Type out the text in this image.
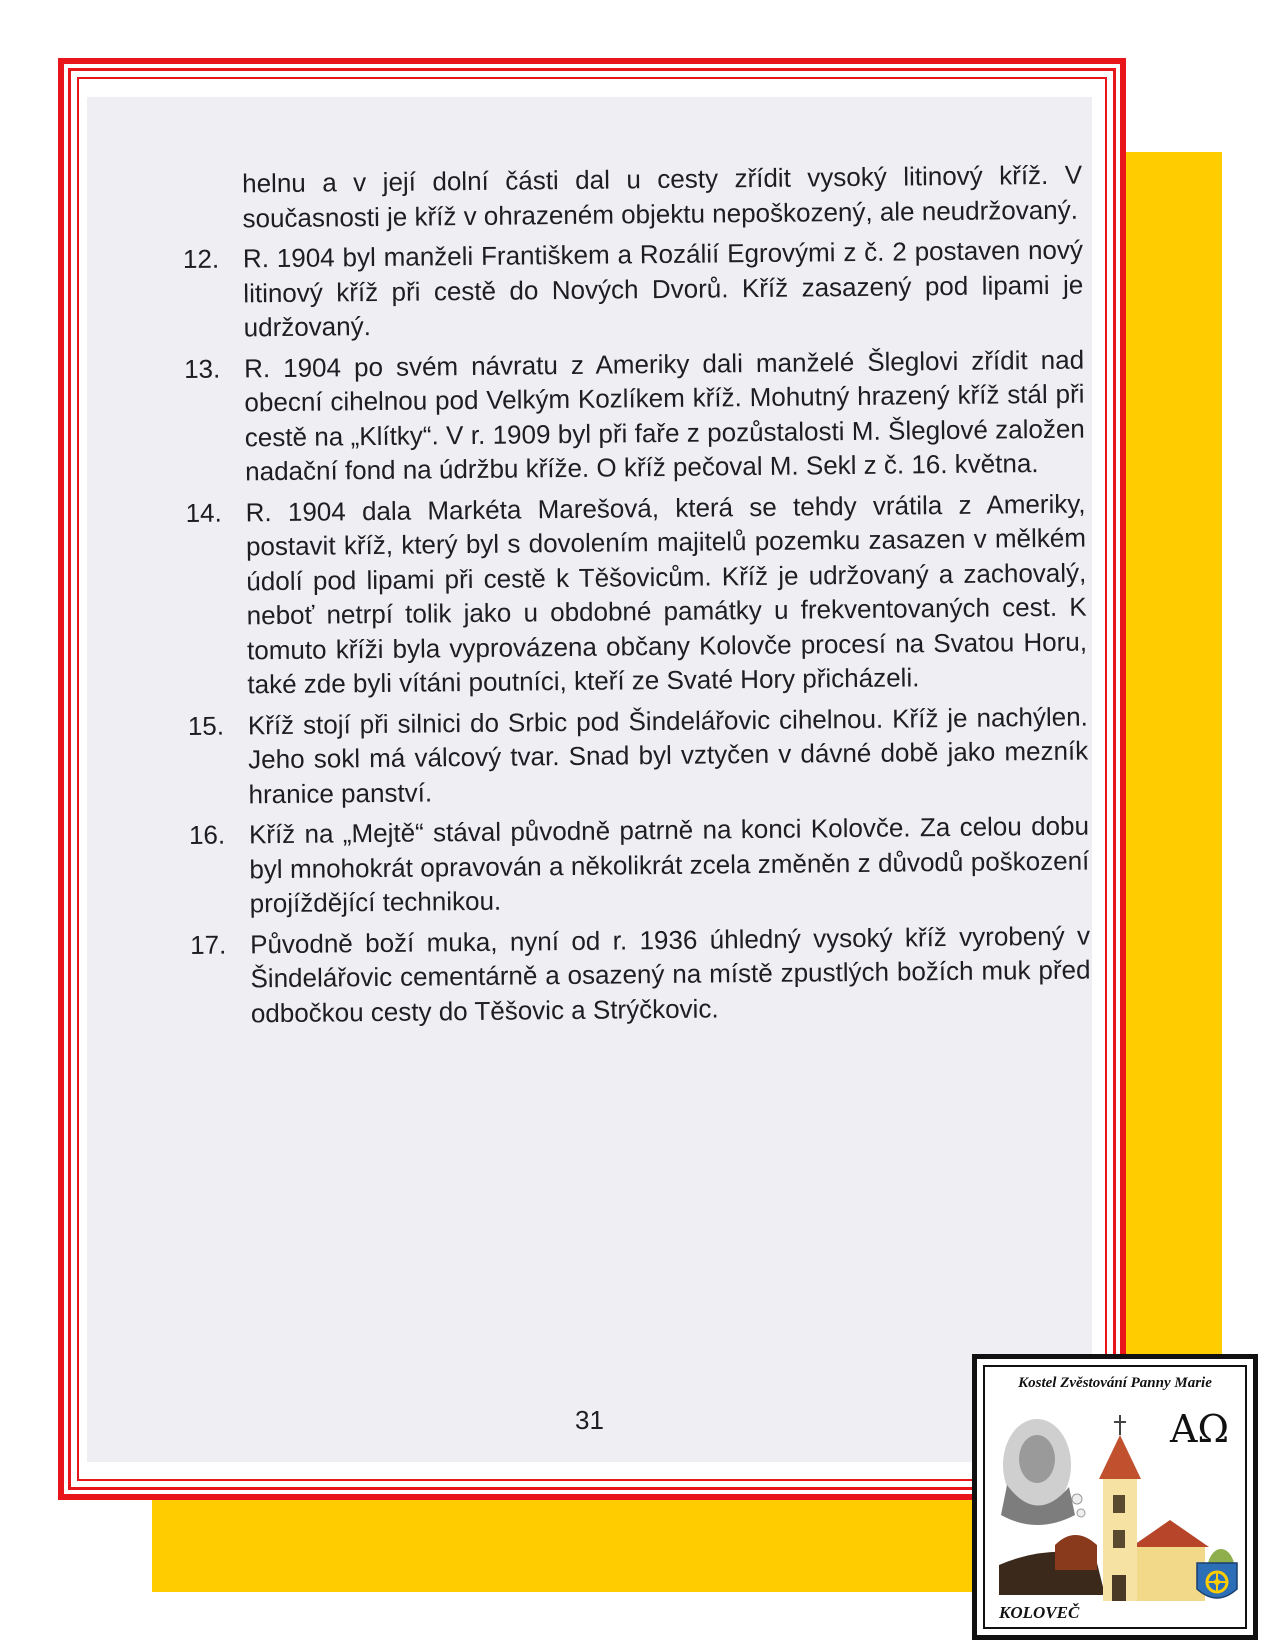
helnu a v její dolní části dal u cesty zřídit vysoký litinový kříž. V současnosti je kříž v ohrazeném objektu nepoškozený, ale neudržovaný.
12. R. 1904 byl manželi Františkem a Rozálií Egrovými z č. 2 postaven nový litinový kříž při cestě do Nových Dvorů. Kříž zasazený pod lipami je udržovaný.
13. R. 1904 po svém návratu z Ameriky dali manželé Šleglovi zřídit nad obecní cihelnou pod Velkým Kozlíkem kříž. Mohutný hrazený kříž stál při cestě na „Klítky“. V r. 1909 byl při faře z pozůstalosti M. Šleglové založen nadační fond na údržbu kříže. O kříž pečoval M. Sekl z č. 16. května.
14. R. 1904 dala Markéta Marešová, která se tehdy vrátila z Ameriky, postavit kříž, který byl s dovolením majitelů pozemku zasazen v mělkém údolí pod lipami při cestě k Těšovicům. Kříž je udržovaný a zachovalý, neboť netrpí tolik jako u obdobné památky u frekventovaných cest. K tomuto kříži byla vyprovázena občany Kolovče procesí na Svatou Horu, také zde byli vítáni poutníci, kteří ze Svaté Hory přicházeli.
15. Kříž stojí při silnici do Srbic pod Šindelářovic cihelnou. Kříž je nachýlen. Jeho sokl má válcový tvar. Snad byl vztyčen v dávné době jako mezník hranice panství.
16. Kříž na „Mejtě“ stával původně patrně na konci Kolovče. Za celou dobu byl mnohokrát opravován a několikrát zcela změněn z důvodů poškození projíždějící technikou.
17. Původně boží muka, nyní od r. 1936 úhledný vysoký kříž vyrobený v Šindelářovic cementárně a osazený na místě zpustlých božích muk před odbočkou cesty do Těšovic a Strýčkovic.
31
Kostel Zvěstování Panny Marie
AΩ
KOLOVEČ
